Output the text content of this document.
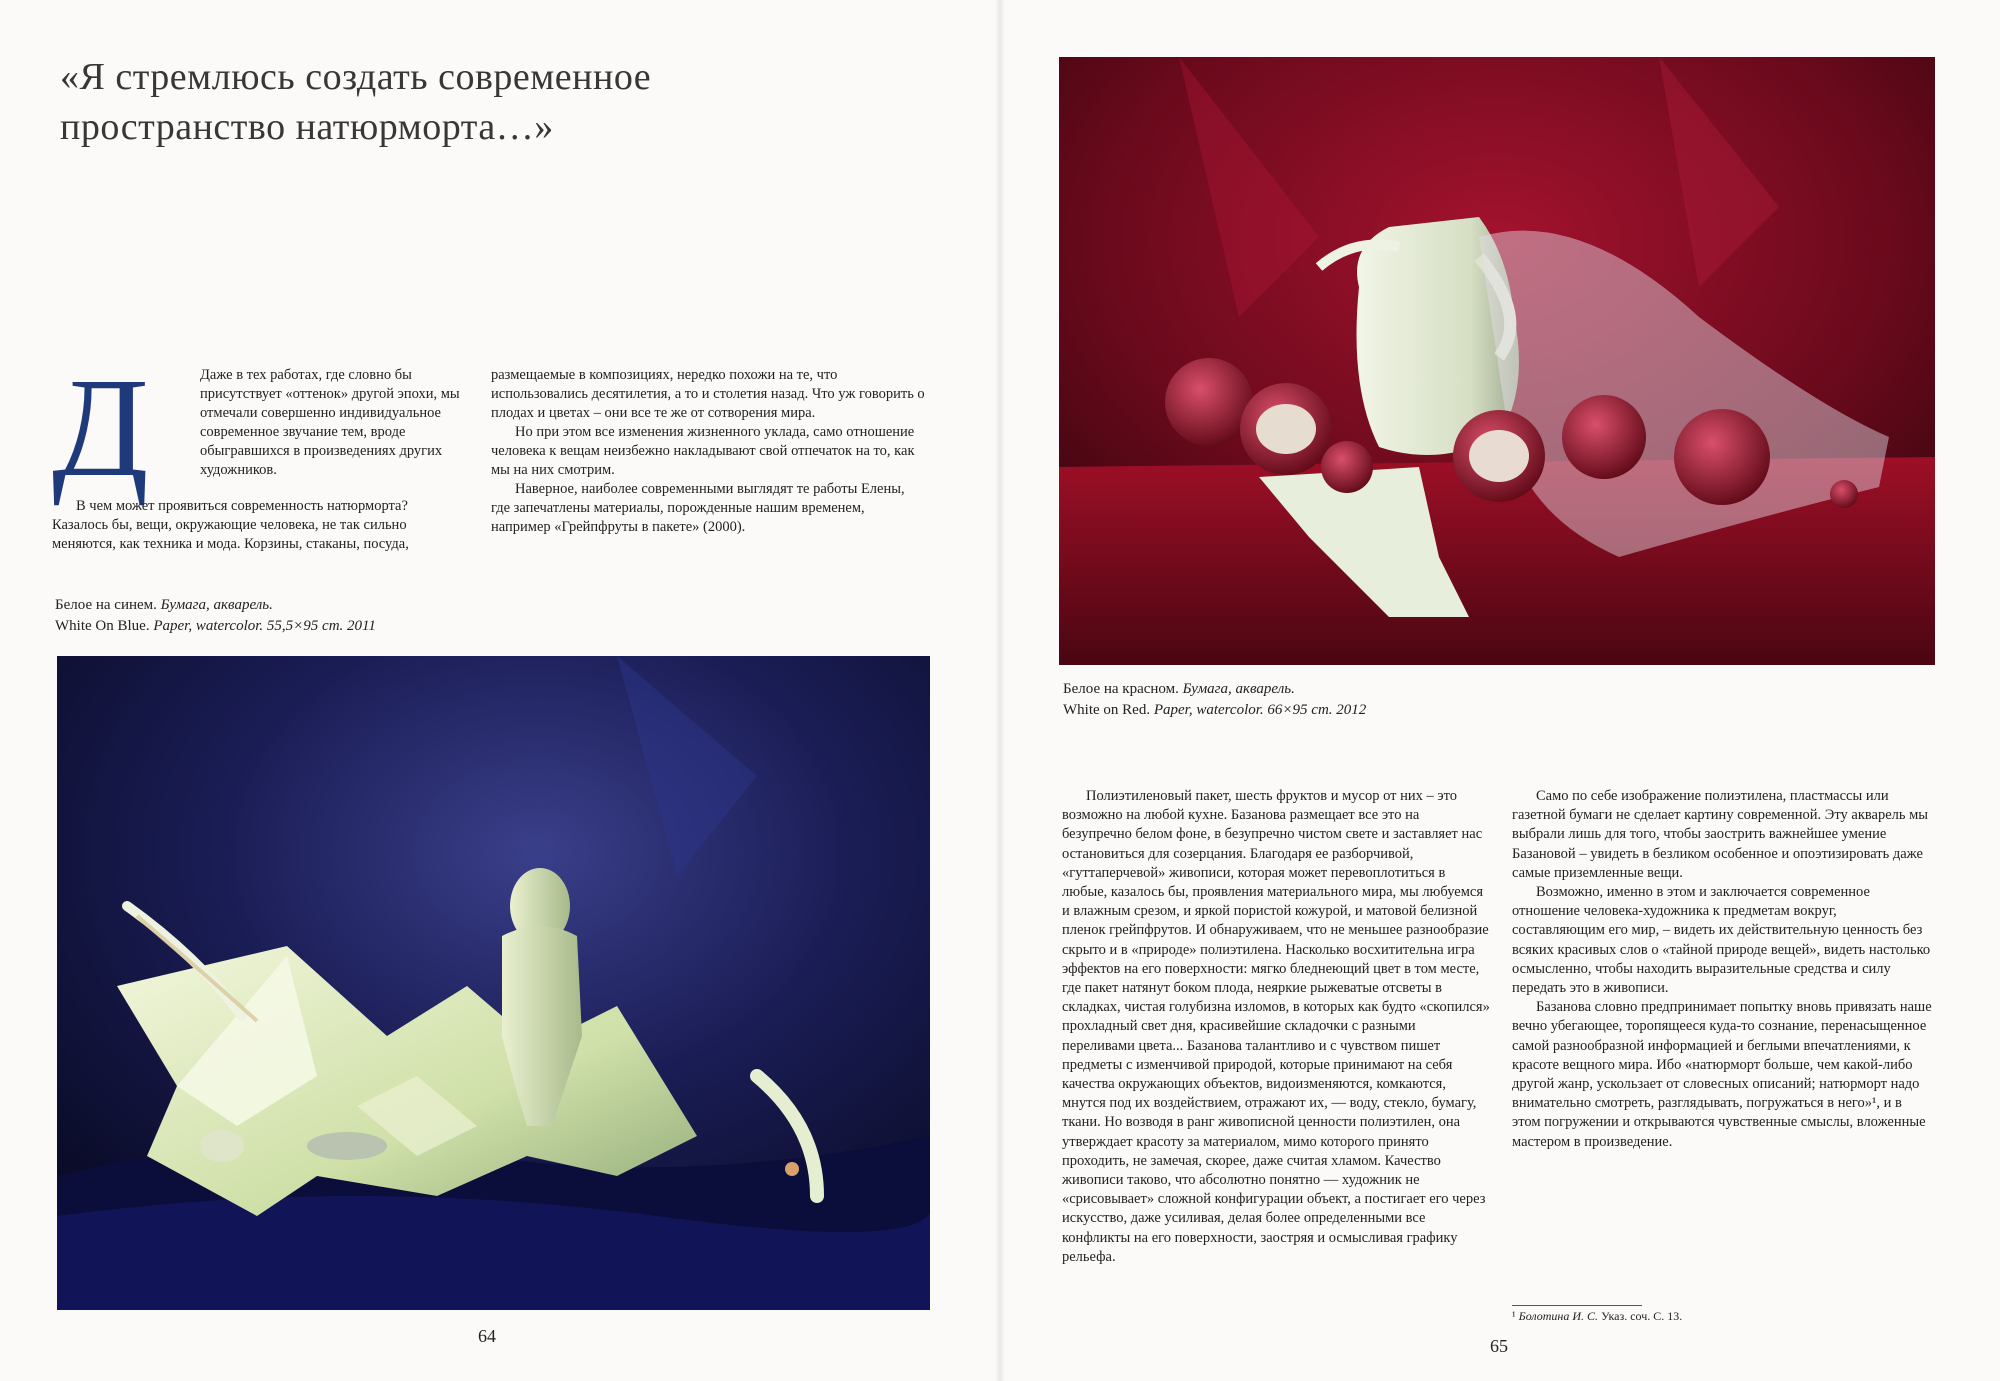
«Я стремлюсь создать современное пространство натюрморта…»
Д	Даже в тех работах, где словно бы присутствует «оттенок» другой эпохи, мы отмечали совершенно индивидуальное современное звучание тем, вроде обыгравшихся в произведениях других художников.

В чем может проявиться современность натюрморта? Казалось бы, вещи, окружающие человека, не так сильно меняются, как техника и мода. Корзины, стаканы, посуда,

размещаемые в композициях, нередко похожи на те, что использовались десятилетия, а то и столетия назад. Что уж говорить о плодах и цветах – они все те же от сотворения мира.

Но при этом все изменения жизненного уклада, само отношение человека к вещам неизбежно накладывают свой отпечаток на то, как мы на них смотрим.

Наверное, наиболее современными выглядят те работы Елены, где запечатлены материалы, порожденные нашим временем, например «Грейпфруты в пакете» (2000).

Белое на синем. Бумага, акварель.
White On Blue. Paper, watercolor. 55,5×95 cm. 2011
64
Белое на красном. Бумага, акварель.
White on Red. Paper, watercolor. 66×95 cm. 2012

Полиэтиленовый пакет, шесть фруктов и мусор от них – это возможно на любой кухне. Базанова размещает все это на безупречно белом фоне, в безупречно чистом свете и заставляет нас остановиться для созерцания. Благодаря ее разборчивой, «гуттаперчевой» живописи, которая может перевоплотиться в любые, казалось бы, проявления материального мира, мы любуемся и влажным срезом, и яркой пористой кожурой, и матовой белизной пленок грейпфрутов. И обнаруживаем, что не меньшее разнообразие скрыто и в «природе» полиэтилена. Насколько восхитительна игра эффектов на его поверхности: мягко бледнеющий цвет в том месте, где пакет натянут боком плода, неяркие рыжеватые отсветы в складках, чистая голубизна изломов, в которых как будто «скопился» прохладный свет дня, красивейшие складочки с разными переливами цвета... Базанова талантливо и с чувством пишет предметы с изменчивой природой, которые принимают на себя качества окружающих объектов, видоизменяются, комкаются, мнутся под их воздействием, отражают их, — воду, стекло, бумагу, ткани. Но возводя в ранг живописной ценности полиэтилен, она утверждает красоту за материалом, мимо которого принято проходить, не замечая, скорее, даже считая хламом. Качество живописи таково, что абсолютно понятно — художник не «срисовывает» сложной конфигурации объект, а постигает его через искусство, даже усиливая, делая более определенными все конфликты на его поверхности, заостряя и осмысливая графику рельефа.

Само по себе изображение полиэтилена, пластмассы или газетной бумаги не сделает картину современной. Эту акварель мы выбрали лишь для того, чтобы заострить важнейшее умение Базановой – увидеть в безликом особенное и опоэтизировать даже самые приземленные вещи.

Возможно, именно в этом и заключается современное отношение человека-художника к предметам вокруг, составляющим его мир, – видеть их действительную ценность без всяких красивых слов о «тайной природе вещей», видеть настолько осмысленно, чтобы находить выразительные средства и силу передать это в живописи.

Базанова словно предпринимает попытку вновь привязать наше вечно убегающее, торопящееся куда-то сознание, перенасыщенное самой разнообразной информацией и беглыми впечатлениями, к красоте вещного мира. Ибо «натюрморт больше, чем какой-либо другой жанр, ускользает от словесных описаний; натюрморт надо внимательно смотреть, разглядывать, погружаться в него»¹, и в этом погружении и открываются чувственные смыслы, вложенные мастером в произведение.

¹ Болотина И. С. Указ. соч. С. 13.
65
